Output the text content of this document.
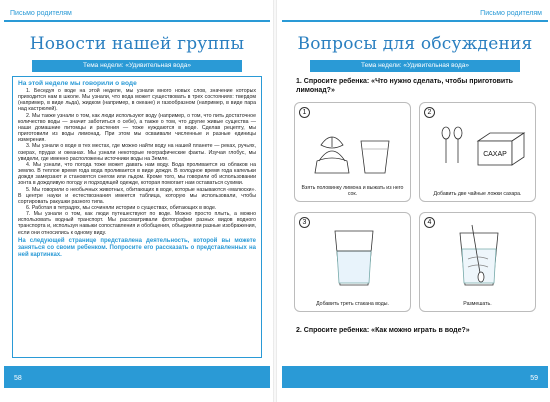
Письмо родителям
Новости нашей группы
Тема недели: «Удивительная вода»
На этой неделе мы говорили о воде

1. Беседуя о воде на этой неделе, мы узнали много новых слов, значение которых приходится нам в школе. Мы узнали, что вода может существовать в трех состояниях: твердом (например, в виде льда), жидком (например, в океане) и газообразном (например, в виде пара над кастрюлей).

2. Мы также узнали о том, как люди используют воду (например, о том, что пить достаточное количество воды — значит заботиться о себе), а также о том, что другие живые существа — наши домашние питомцы и растения — тоже нуждаются в воде. Сделав рецепту, мы приготовили из воды лимонад. При этом мы осваивали численные и разные единицы измерения.

3. Мы узнали о воде в тех местах, где можно найти воду на нашей планете — реках, ручьях, озерах, прудах и океанах. Мы узнали некоторые географические факты. Изучая глобус, мы увидели, где именно расположены источники воды на Земле.

4. Мы узнали, что погода тоже может давать нам воду. Вода проливается из облаков на землю. В теплое время года вода проливается в виде дождя. В холодное время года капельки дождя замерзают и становятся снегом или льдом. Кроме того, мы говорили об использовании зонта в дождливую погоду и подходящей одежде, которая помогает нам оставаться сухими.

5. Мы говорили о необычных животных, обитающих в воде, которые называются «малюски». В центре науки и естествознания имеется таблица, которую мы использовали, чтобы сортировать ракушки разного типа.

6. Работая в тетрадях, мы сочиняли истории о существах, обитающих в воде.

7. Мы узнали о том, как люди путешествуют по воде. Можно просто плыть, а можно использовать водный транспорт. Мы рассматривали фотографии разных видов водного транспорта и, используя навыки сопоставления и обобщения, объединяли разные изображения, если они относились к одному виду.

На следующей странице представлена деятельность, которой вы можете заняться со своим ребенком. Попросите его рассказать о представленных на ней картинках.

58
Письмо родителям
Вопросы для обсуждения
Тема недели: «Удивительная вода»
1. Спросите ребенка: «Что нужно сделать, чтобы приготовить лимонад?»
1
Взять половинку лимона и выжать из него сок.
2
САХАР
Добавить две чайные ложки сахара.
3
Добавить треть стакана воды.
4
Размешать.
2. Спросите ребенка: «Как можно играть в воде?»
59
